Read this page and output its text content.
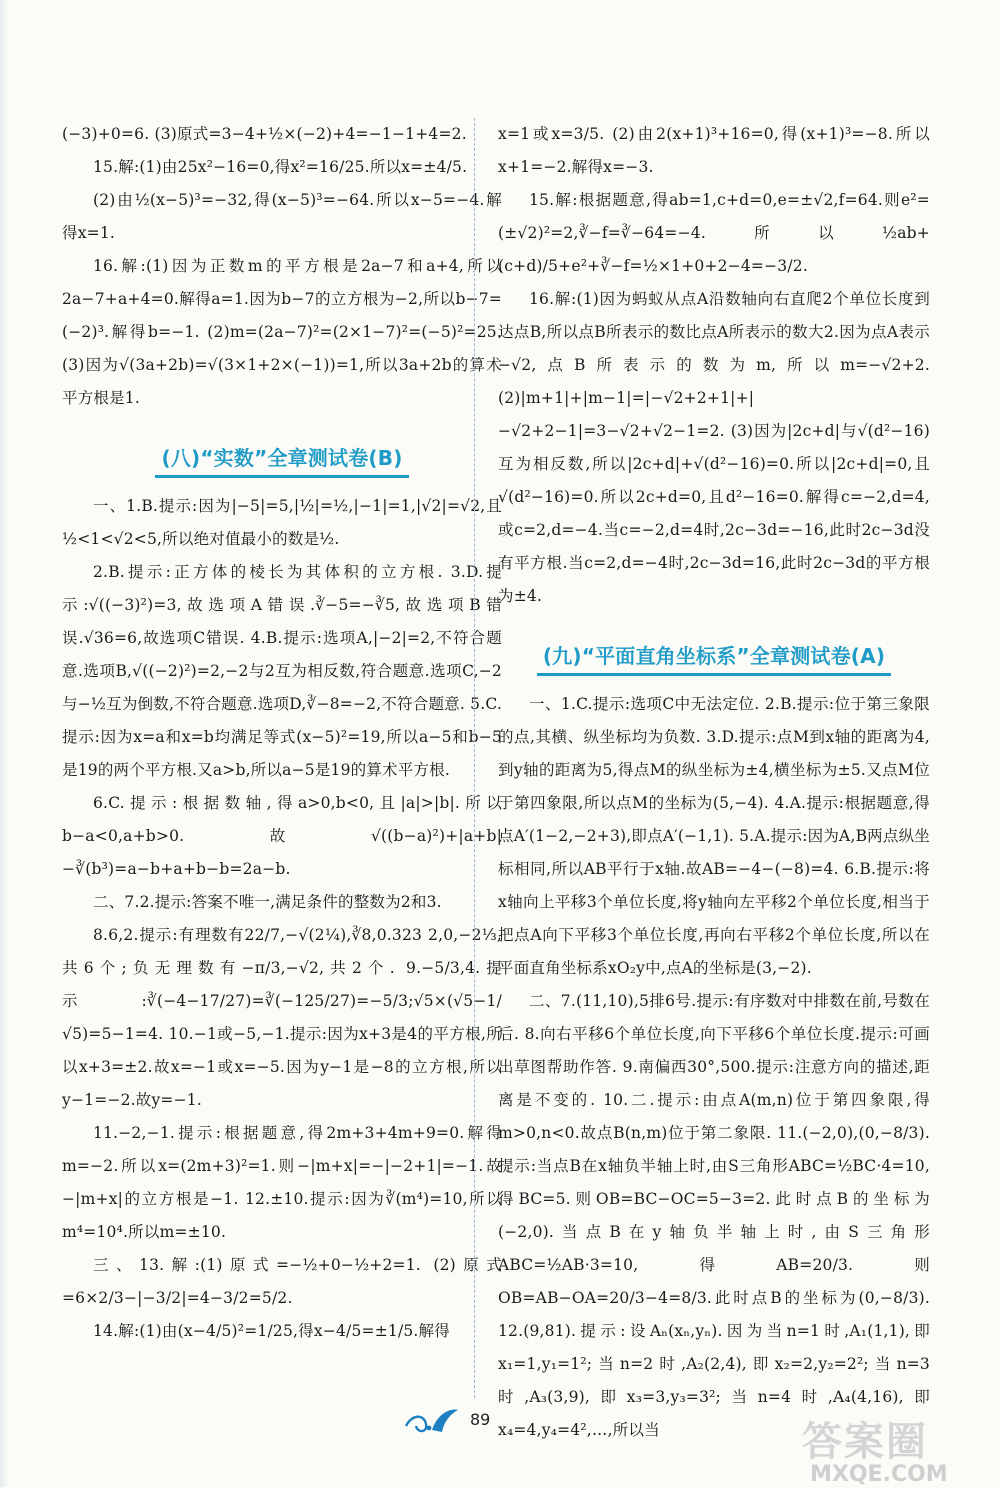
(−3)+0=6. (3)原式=3−4+½×(−2)+4=−1−1+4=2.

15.解:(1)由25x²−16=0,得x²=16/25.所以x=±4/5.

(2)由½(x−5)³=−32,得(x−5)³=−64.所以x−5=−4.解得x=1.

16.解:(1)因为正数m的平方根是2a−7和a+4,所以2a−7+a+4=0.解得a=1.因为b−7的立方根为−2,所以b−7=(−2)³.解得b=−1. (2)m=(2a−7)²=(2×1−7)²=(−5)²=25. (3)因为√(3a+2b)=√(3×1+2×(−1))=1,所以3a+2b的算术平方根是1.

(八)“实数”全章测试卷(B)

一、1.B.提示:因为|−5|=5,|½|=½,|−1|=1,|√2|=√2,且½<1<√2<5,所以绝对值最小的数是½.

2.B.提示:正方体的棱长为其体积的立方根. 3.D.提示:√((−3)²)=3,故选项A错误.∛−5=−∛5,故选项B错误.√36=6,故选项C错误. 4.B.提示:选项A,|−2|=2,不符合题意.选项B,√((−2)²)=2,−2与2互为相反数,符合题意.选项C,−2与−½互为倒数,不符合题意.选项D,∛−8=−2,不符合题意. 5.C.提示:因为x=a和x=b均满足等式(x−5)²=19,所以a−5和b−5是19的两个平方根.又a>b,所以a−5是19的算术平方根.

6.C.提示:根据数轴,得a>0,b<0,且|a|>|b|.所以b−a<0,a+b>0.故√((b−a)²)+|a+b|−∛(b³)=a−b+a+b−b=2a−b.

二、7.2.提示:答案不唯一,满足条件的整数为2和3.

8.6,2.提示:有理数有22/7,−√(2¼),∛8,0.323 2,0,−2⅓,共6个;负无理数有−π/3,−√2,共2个. 9.−5/3,4.提示:∛(−4−17/27)=∛(−125/27)=−5/3;√5×(√5−1/√5)=5−1=4. 10.−1或−5,−1.提示:因为x+3是4的平方根,所以x+3=±2.故x=−1或x=−5.因为y−1是−8的立方根,所以y−1=−2.故y=−1.

11.−2,−1.提示:根据题意,得2m+3+4m+9=0.解得m=−2.所以x=(2m+3)²=1.则−|m+x|=−|−2+1|=−1.故−|m+x|的立方根是−1. 12.±10.提示:因为∛(m⁴)=10,所以m⁴=10⁴.所以m=±10.

三、13.解:(1)原式=−½+0−½+2=1. (2)原式=6×2/3−|−3/2|=4−3/2=5/2.

14.解:(1)由(x−4/5)²=1/25,得x−4/5=±1/5.解得

x=1或x=3/5. (2)由2(x+1)³+16=0,得(x+1)³=−8.所以x+1=−2.解得x=−3.

15.解:根据题意,得ab=1,c+d=0,e=±√2,f=64.则e²=(±√2)²=2,∛−f=∛−64=−4.所以½ab+(c+d)/5+e²+∛−f=½×1+0+2−4=−3/2.

16.解:(1)因为蚂蚁从点A沿数轴向右直爬2个单位长度到达点B,所以点B所表示的数比点A所表示的数大2.因为点A表示−√2,点B所表示的数为m,所以m=−√2+2. (2)|m+1|+|m−1|=|−√2+2+1|+|−√2+2−1|=3−√2+√2−1=2. (3)因为|2c+d|与√(d²−16)互为相反数,所以|2c+d|+√(d²−16)=0.所以|2c+d|=0,且√(d²−16)=0.所以2c+d=0,且d²−16=0.解得c=−2,d=4,或c=2,d=−4.当c=−2,d=4时,2c−3d=−16,此时2c−3d没有平方根.当c=2,d=−4时,2c−3d=16,此时2c−3d的平方根为±4.

(九)“平面直角坐标系”全章测试卷(A)

一、1.C.提示:选项C中无法定位. 2.B.提示:位于第三象限的点,其横、纵坐标均为负数. 3.D.提示:点M到x轴的距离为4,到y轴的距离为5,得点M的纵坐标为±4,横坐标为±5.又点M位于第四象限,所以点M的坐标为(5,−4). 4.A.提示:根据题意,得点A′(1−2,−2+3),即点A′(−1,1). 5.A.提示:因为A,B两点纵坐标相同,所以AB平行于x轴.故AB=−4−(−8)=4. 6.B.提示:将x轴向上平移3个单位长度,将y轴向左平移2个单位长度,相当于把点A向下平移3个单位长度,再向右平移2个单位长度,所以在平面直角坐标系xO₂y中,点A的坐标是(3,−2).

二、7.(11,10),5排6号.提示:有序数对中排数在前,号数在后. 8.向右平移6个单位长度,向下平移6个单位长度.提示:可画出草图帮助作答. 9.南偏西30°,500.提示:注意方向的描述,距离是不变的. 10.二.提示:由点A(m,n)位于第四象限,得m>0,n<0.故点B(n,m)位于第二象限. 11.(−2,0),(0,−8/3).提示:当点B在x轴负半轴上时,由S三角形ABC=½BC·4=10,得BC=5.则OB=BC−OC=5−3=2.此时点B的坐标为(−2,0).当点B在y轴负半轴上时,由S三角形ABC=½AB·3=10,得AB=20/3.则OB=AB−OA=20/3−4=8/3.此时点B的坐标为(0,−8/3). 12.(9,81).提示:设Aₙ(xₙ,yₙ).因为当n=1时,A₁(1,1),即x₁=1,y₁=1²;当n=2时,A₂(2,4),即x₂=2,y₂=2²;当n=3时,A₃(3,9),即x₃=3,y₃=3²;当n=4时,A₄(4,16),即x₄=4,y₄=4²,…,所以当

89	答案圈
MXQE.COM
